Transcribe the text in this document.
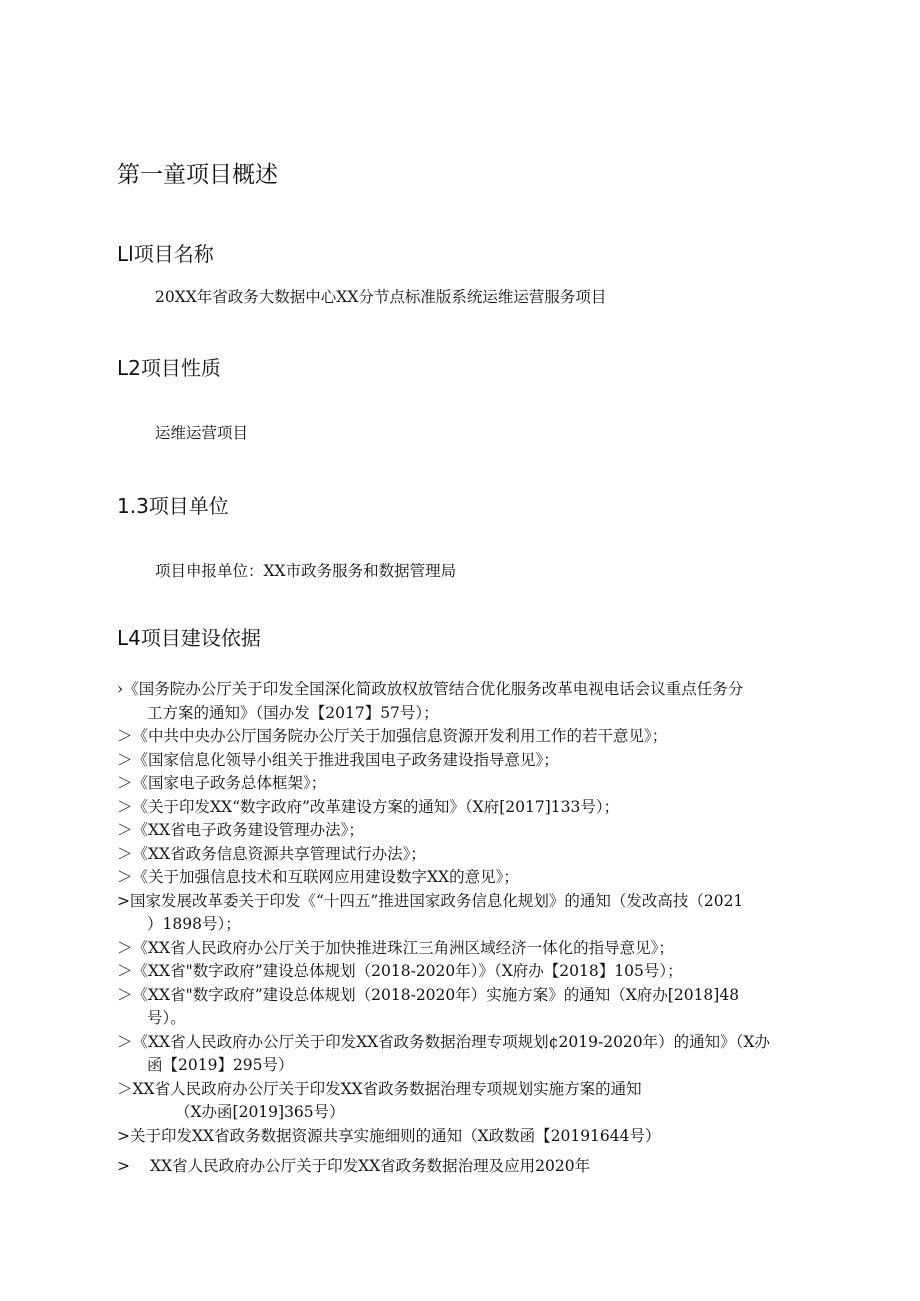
第一童项目概述
Ll项目名称

20XX年省政务大数据中心XX分节点标准版系统运维运营服务项目

L2项目性质

运维运营项目

1.3项目单位

项目申报单位：XX市政务服务和数据管理局

L4项目建设依据
›《国务院办公厅关于印发全国深化简政放权放管结合优化服务改革电视电话会议重点任务分
工方案的通知》（国办发【2017】57号）；
＞《中共中央办公厅国务院办公厅关于加强信息资源开发利用工作的若干意见》；
＞《国家信息化领导小组关于推进我国电子政务建设指导意见》；
＞《国家电子政务总体框架》；
＞《关于印发XX“数字政府”改革建设方案的通知》（X府[2017]133号）；
＞《XX省电子政务建设管理办法》；
＞《XX省政务信息资源共享管理试行办法》；
＞《关于加强信息技术和互联网应用建设数字XX的意见》；
>国家发展改革委关于印发《“十四五”推进国家政务信息化规划》的通知（发改高技（2021
）1898号）；
＞《XX省人民政府办公厅关于加快推进珠江三角洲区域经济一体化的指导意见》；
＞《XX省"数字政府”建设总体规划（2018-2020年）》（X府办【2018】105号）；
＞《XX省"数字政府”建设总体规划（2018-2020年）实施方案》的通知（X府办[2018]48
号）。
＞《XX省人民政府办公厅关于印发XX省政务数据治理专项规划¢2019-2020年）的通知》（X办
函【2019】295号）
＞XX省人民政府办公厅关于印发XX省政务数据治理专项规划实施方案的通知
（X办函[2019]365号）
>关于印发XX省政务数据资源共享实施细则的通知（X政数函【20191644号）
> XX省人民政府办公厅关于印发XX省政务数据治理及应用2020年
